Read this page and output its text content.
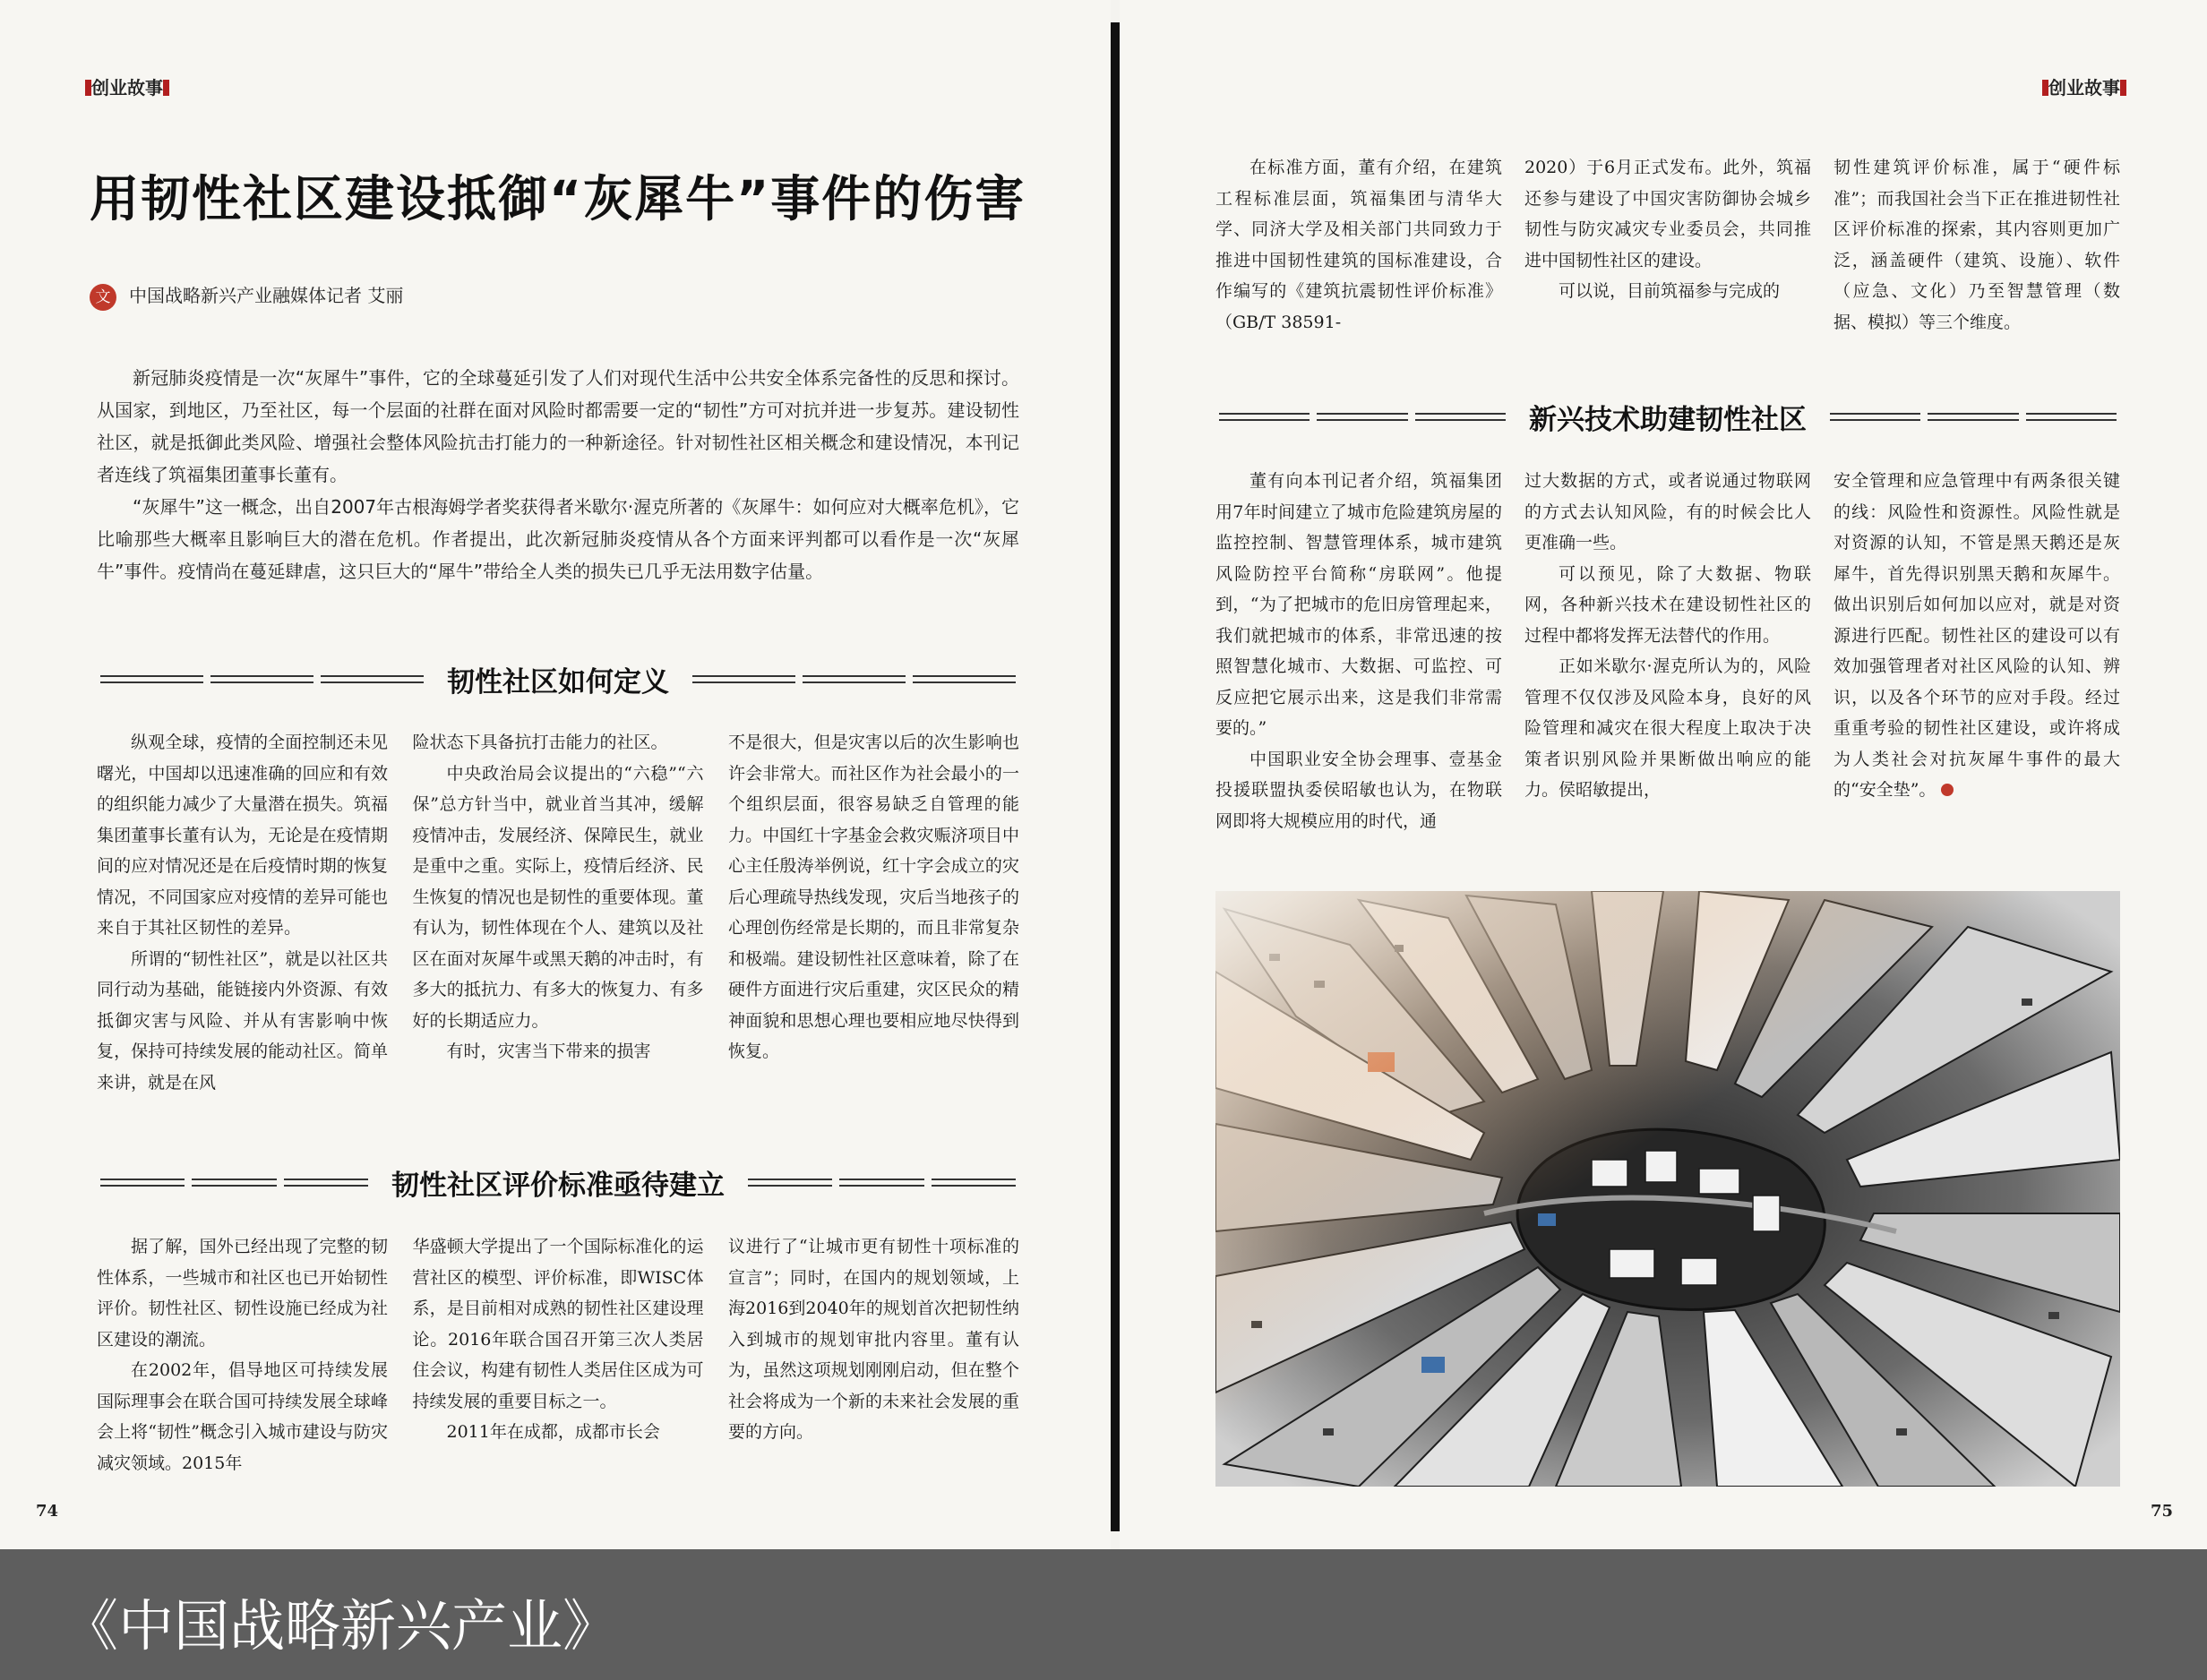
创业故事
用韧性社区建设抵御“灰犀牛”事件的伤害
文 中国战略新兴产业融媒体记者 艾丽

新冠肺炎疫情是一次“灰犀牛”事件，它的全球蔓延引发了人们对现代生活中公共安全体系完备性的反思和探讨。从国家，到地区，乃至社区，每一个层面的社群在面对风险时都需要一定的“韧性”方可对抗并进一步复苏。建设韧性社区，就是抵御此类风险、增强社会整体风险抗击打能力的一种新途径。针对韧性社区相关概念和建设情况，本刊记者连线了筑福集团董事长董有。

“灰犀牛”这一概念，出自2007年古根海姆学者奖获得者米歇尔·渥克所著的《灰犀牛：如何应对大概率危机》，它比喻那些大概率且影响巨大的潜在危机。作者提出，此次新冠肺炎疫情从各个方面来评判都可以看作是一次“灰犀牛”事件。疫情尚在蔓延肆虐，这只巨大的“犀牛”带给全人类的损失已几乎无法用数字估量。

韧性社区如何定义

纵观全球，疫情的全面控制还未见曙光，中国却以迅速准确的回应和有效的组织能力减少了大量潜在损失。筑福集团董事长董有认为，无论是在疫情期间的应对情况还是在后疫情时期的恢复情况，不同国家应对疫情的差异可能也来自于其社区韧性的差异。

所谓的“韧性社区”，就是以社区共同行动为基础，能链接内外资源、有效抵御灾害与风险、并从有害影响中恢复，保持可持续发展的能动社区。简单来讲，就是在风

险状态下具备抗打击能力的社区。

中央政治局会议提出的“六稳”“六保”总方针当中，就业首当其冲，缓解疫情冲击，发展经济、保障民生，就业是重中之重。实际上，疫情后经济、民生恢复的情况也是韧性的重要体现。董有认为，韧性体现在个人、建筑以及社区在面对灰犀牛或黑天鹅的冲击时，有多大的抵抗力、有多大的恢复力、有多好的长期适应力。

有时，灾害当下带来的损害

不是很大，但是灾害以后的次生影响也许会非常大。而社区作为社会最小的一个组织层面，很容易缺乏自管理的能力。中国红十字基金会救灾赈济项目中心主任殷涛举例说，红十字会成立的灾后心理疏导热线发现，灾后当地孩子的心理创伤经常是长期的，而且非常复杂和极端。建设韧性社区意味着，除了在硬件方面进行灾后重建，灾区民众的精神面貌和思想心理也要相应地尽快得到恢复。

韧性社区评价标准亟待建立

据了解，国外已经出现了完整的韧性体系，一些城市和社区也已开始韧性评价。韧性社区、韧性设施已经成为社区建设的潮流。

在2002年，倡导地区可持续发展国际理事会在联合国可持续发展全球峰会上将“韧性”概念引入城市建设与防灾减灾领域。2015年

华盛顿大学提出了一个国际标准化的运营社区的模型、评价标准，即WISC体系，是目前相对成熟的韧性社区建设理论。2016年联合国召开第三次人类居住会议，构建有韧性人类居住区成为可持续发展的重要目标之一。

2011年在成都，成都市长会

议进行了“让城市更有韧性十项标准的宣言”；同时，在国内的规划领域，上海2016到2040年的规划首次把韧性纳入到城市的规划审批内容里。董有认为，虽然这项规划刚刚启动，但在整个社会将成为一个新的未来社会发展的重要的方向。

74
创业故事

在标准方面，董有介绍，在建筑工程标准层面，筑福集团与清华大学、同济大学及相关部门共同致力于推进中国韧性建筑的国标准建设，合作编写的《建筑抗震韧性评价标准》（GB/T 38591-

2020）于6月正式发布。此外，筑福还参与建设了中国灾害防御协会城乡韧性与防灾减灾专业委员会，共同推进中国韧性社区的建设。

可以说，目前筑福参与完成的

韧性建筑评价标准，属于“硬件标准”；而我国社会当下正在推进韧性社区评价标准的探索，其内容则更加广泛，涵盖硬件（建筑、设施）、软件（应急、文化）乃至智慧管理（数据、模拟）等三个维度。

新兴技术助建韧性社区

董有向本刊记者介绍，筑福集团用7年时间建立了城市危险建筑房屋的监控控制、智慧管理体系，城市建筑风险防控平台简称“房联网”。他提到，“为了把城市的危旧房管理起来，我们就把城市的体系，非常迅速的按照智慧化城市、大数据、可监控、可反应把它展示出来，这是我们非常需要的。”

中国职业安全协会理事、壹基金投援联盟执委侯昭敏也认为，在物联网即将大规模应用的时代，通

过大数据的方式，或者说通过物联网的方式去认知风险，有的时候会比人更准确一些。

可以预见，除了大数据、物联网，各种新兴技术在建设韧性社区的过程中都将发挥无法替代的作用。

正如米歇尔·渥克所认为的，风险管理不仅仅涉及风险本身，良好的风险管理和减灾在很大程度上取决于决策者识别风险并果断做出响应的能力。侯昭敏提出，

安全管理和应急管理中有两条很关键的线：风险性和资源性。风险性就是对资源的认知，不管是黑天鹅还是灰犀牛，首先得识别黑天鹅和灰犀牛。做出识别后如何加以应对，就是对资源进行匹配。韧性社区的建设可以有效加强管理者对社区风险的认知、辨识，以及各个环节的应对手段。经过重重考验的韧性社区建设，或许将成为人类社会对抗灰犀牛事件的最大的“安全垫”。

75
《中国战略新兴产业》
